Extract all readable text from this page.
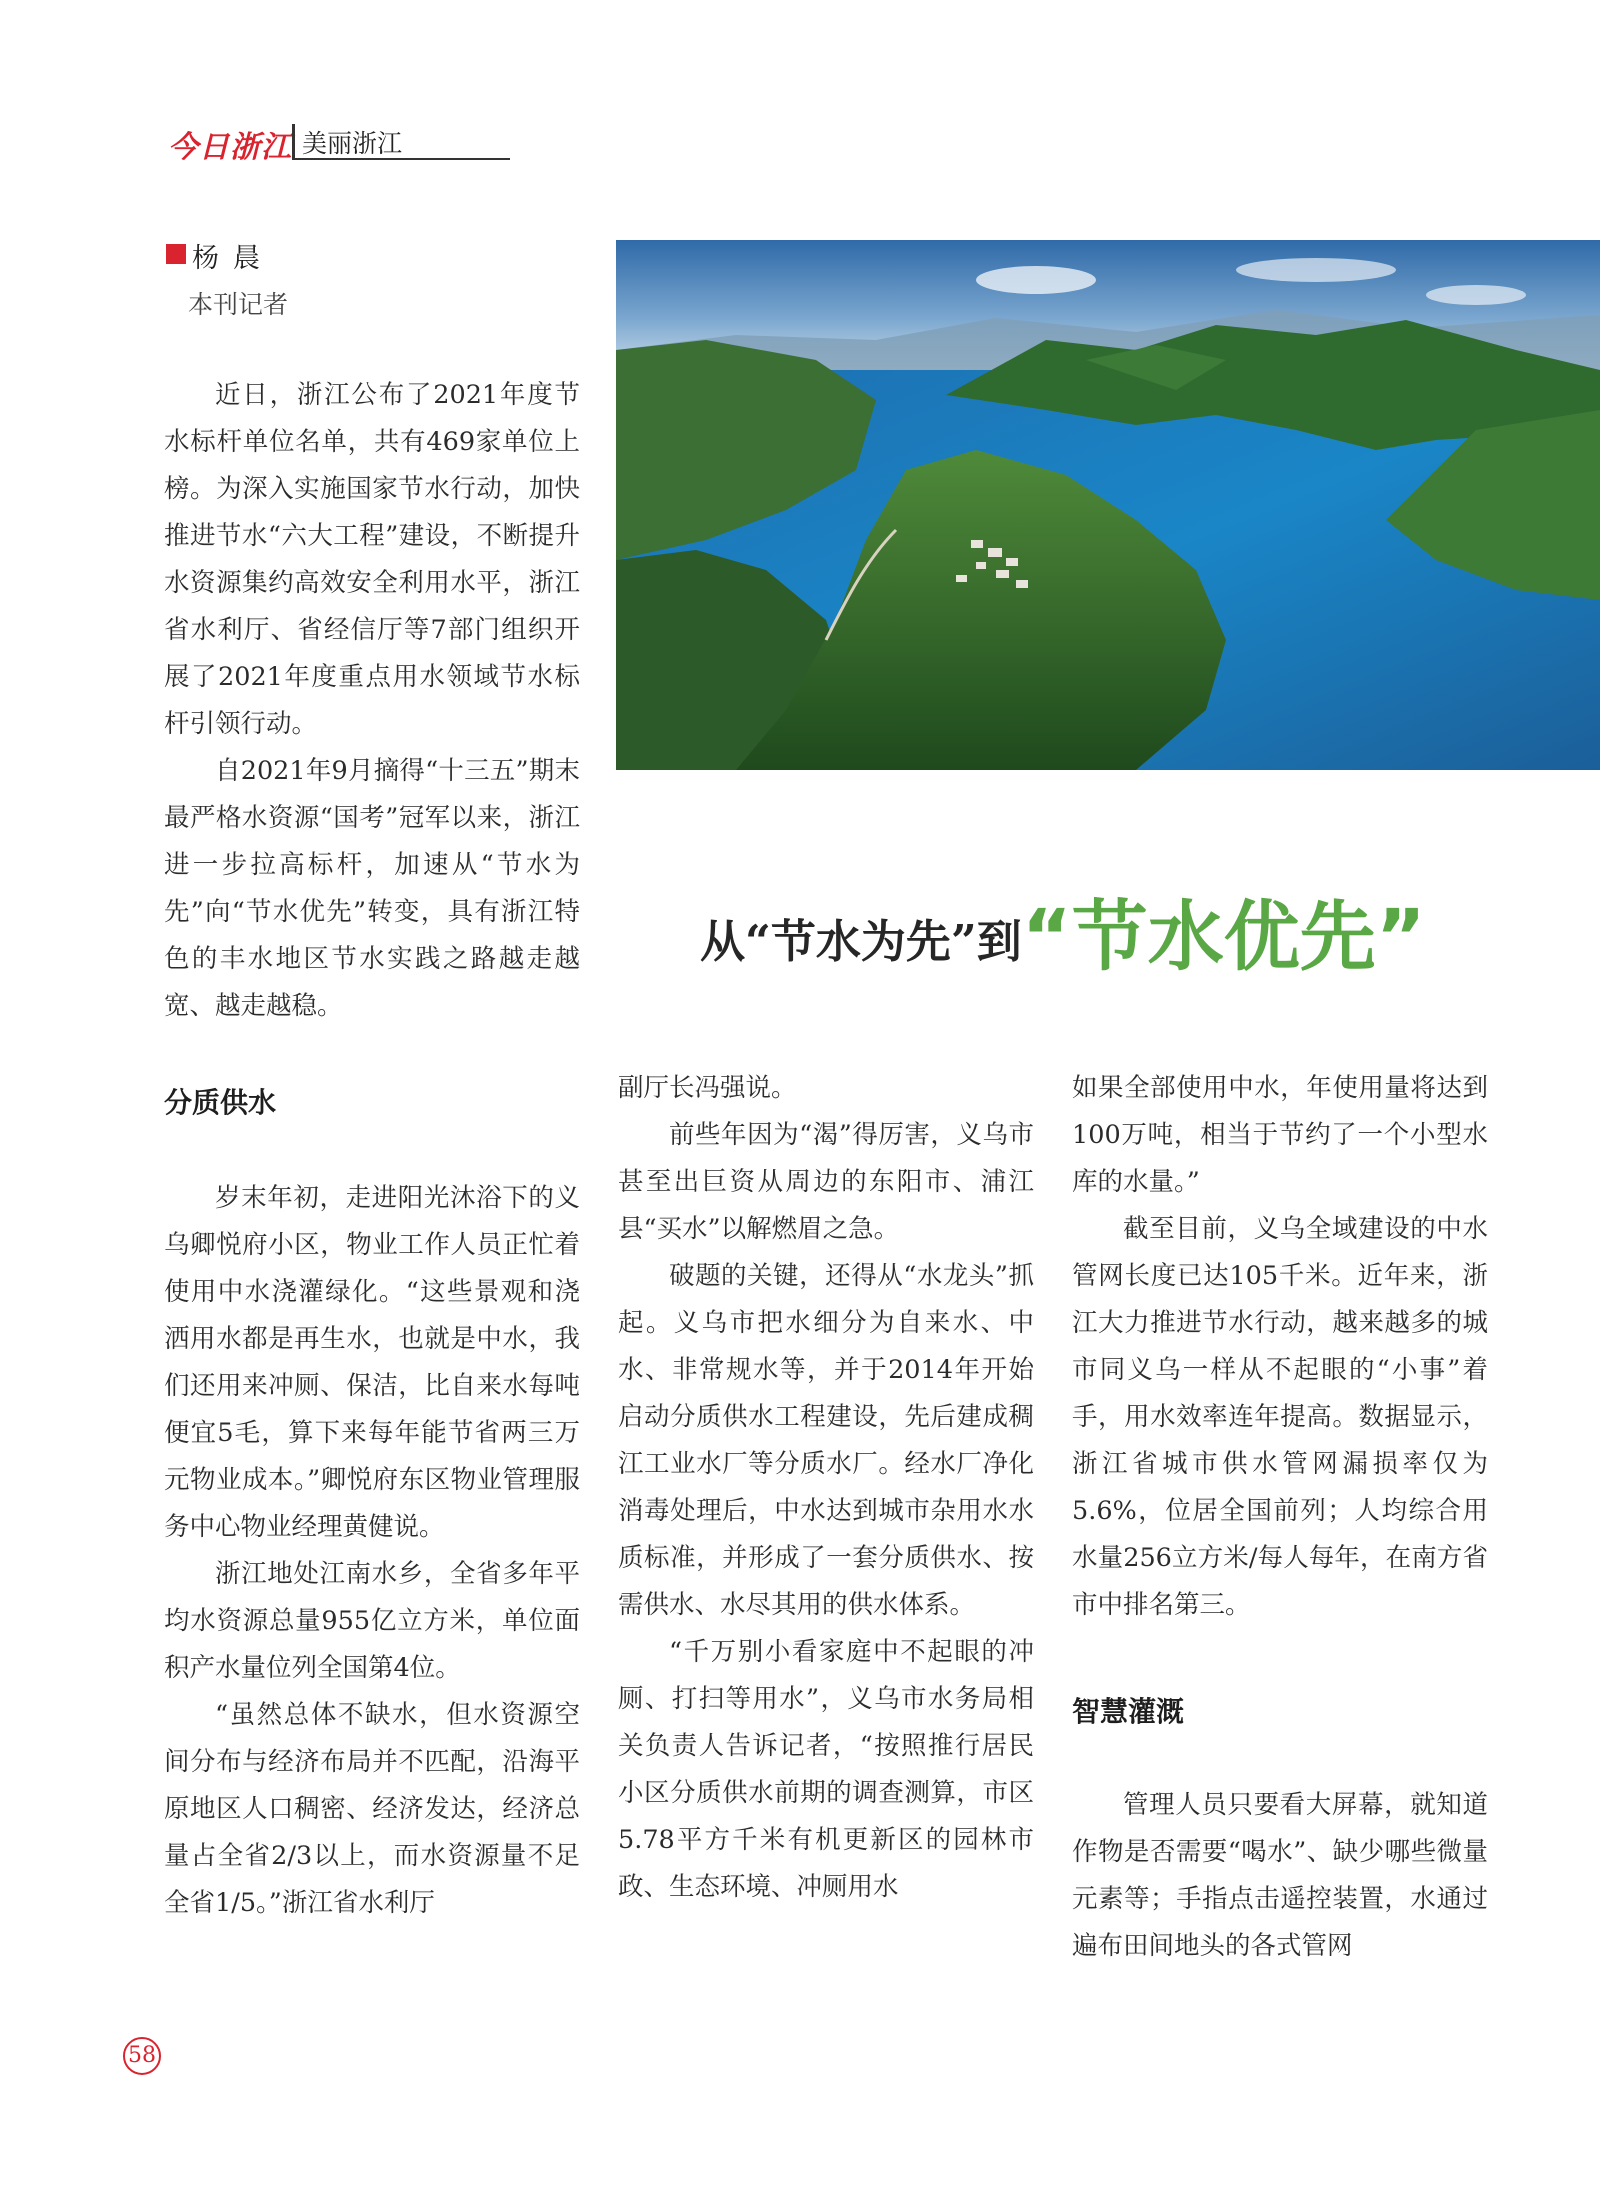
今日浙江 美丽浙江
杨晨
本刊记者

近日，浙江公布了2021年度节水标杆单位名单，共有469家单位上榜。为深入实施国家节水行动，加快推进节水“六大工程”建设，不断提升水资源集约高效安全利用水平，浙江省水利厅、省经信厅等7部门组织开展了2021年度重点用水领域节水标杆引领行动。

自2021年9月摘得“十三五”期末最严格水资源“国考”冠军以来，浙江进一步拉高标杆，加速从“节水为先”向“节水优先”转变，具有浙江特色的丰水地区节水实践之路越走越宽、越走越稳。

从“节水为先”到“节水优先”
分质供水

岁末年初，走进阳光沐浴下的义乌卿悦府小区，物业工作人员正忙着使用中水浇灌绿化。“这些景观和浇洒用水都是再生水，也就是中水，我们还用来冲厕、保洁，比自来水每吨便宜5毛，算下来每年能节省两三万元物业成本。”卿悦府东区物业管理服务中心物业经理黄健说。

浙江地处江南水乡，全省多年平均水资源总量955亿立方米，单位面积产水量位列全国第4位。

“虽然总体不缺水，但水资源空间分布与经济布局并不匹配，沿海平原地区人口稠密、经济发达，经济总量占全省2/3以上，而水资源量不足全省1/5。”浙江省水利厅

副厅长冯强说。

前些年因为“渴”得厉害，义乌市甚至出巨资从周边的东阳市、浦江县“买水”以解燃眉之急。

破题的关键，还得从“水龙头”抓起。义乌市把水细分为自来水、中水、非常规水等，并于2014年开始启动分质供水工程建设，先后建成稠江工业水厂等分质水厂。经水厂净化消毒处理后，中水达到城市杂用水水质标准，并形成了一套分质供水、按需供水、水尽其用的供水体系。

“千万别小看家庭中不起眼的冲厕、打扫等用水”，义乌市水务局相关负责人告诉记者，“按照推行居民小区分质供水前期的调查测算，市区5.78平方千米有机更新区的园林市政、生态环境、冲厕用水

如果全部使用中水，年使用量将达到100万吨，相当于节约了一个小型水库的水量。”

截至目前，义乌全域建设的中水管网长度已达105千米。近年来，浙江大力推进节水行动，越来越多的城市同义乌一样从不起眼的“小事”着手，用水效率连年提高。数据显示，浙江省城市供水管网漏损率仅为5.6%，位居全国前列；人均综合用水量256立方米/每人每年，在南方省市中排名第三。

智慧灌溉

管理人员只要看大屏幕，就知道作物是否需要“喝水”、缺少哪些微量元素等；手指点击遥控装置，水通过遍布田间地头的各式管网

58
